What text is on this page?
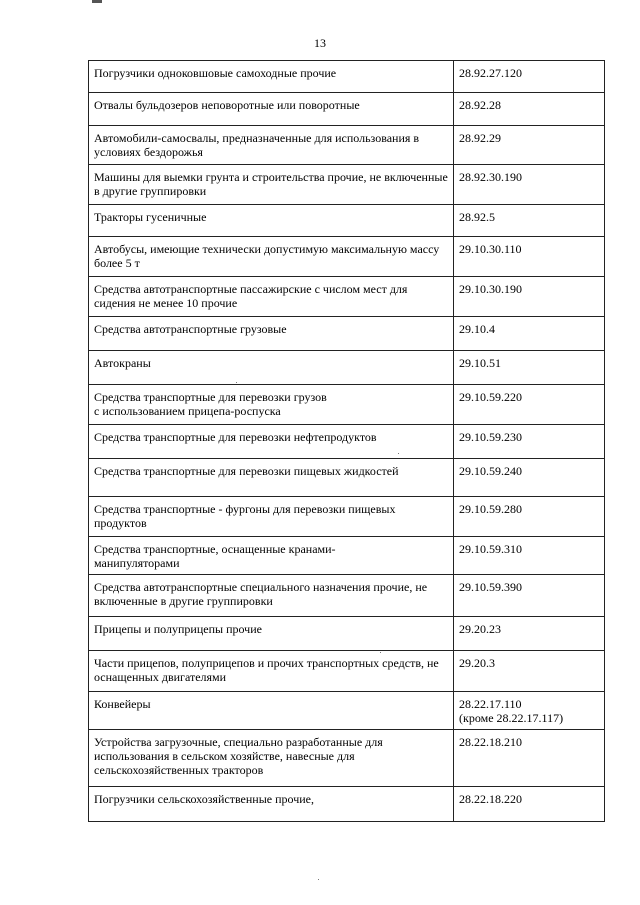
13
Погрузчики одноковшовые самоходные прочие	28.92.27.120
Отвалы бульдозеров неповоротные или поворотные	28.92.28
Автомобили-самосвалы, предназначенные для использования в условиях бездорожья	28.92.29
Машины для выемки грунта и строительства прочие, не включенные в другие группировки	28.92.30.190
Тракторы гусеничные	28.92.5
Автобусы, имеющие технически допустимую максимальную массу более 5 т	29.10.30.110
Средства автотранспортные пассажирские с числом мест для сидения не менее 10 прочие	29.10.30.190
Средства автотранспортные грузовые	29.10.4
Автокраны	29.10.51
Средства транспортные для перевозки грузов
с использованием прицепа-роспуска	29.10.59.220
Средства транспортные для перевозки нефтепродуктов	29.10.59.230
Средства транспортные для перевозки пищевых жидкостей	29.10.59.240
Средства транспортные - фургоны для перевозки пищевых продуктов	29.10.59.280
Средства транспортные, оснащенные кранами-
манипуляторами	29.10.59.310
Средства автотранспортные специального назначения прочие, не включенные в другие группировки	29.10.59.390
Прицепы и полуприцепы прочие	29.20.23
Части прицепов, полуприцепов и прочих транспортных средств, не оснащенных двигателями	29.20.3
Конвейеры	28.22.17.110
(кроме 28.22.17.117)
Устройства загрузочные, специально разработанные для использования в сельском хозяйстве, навесные для сельскохозяйственных тракторов	28.22.18.210
Погрузчики сельскохозяйственные прочие,	28.22.18.220
